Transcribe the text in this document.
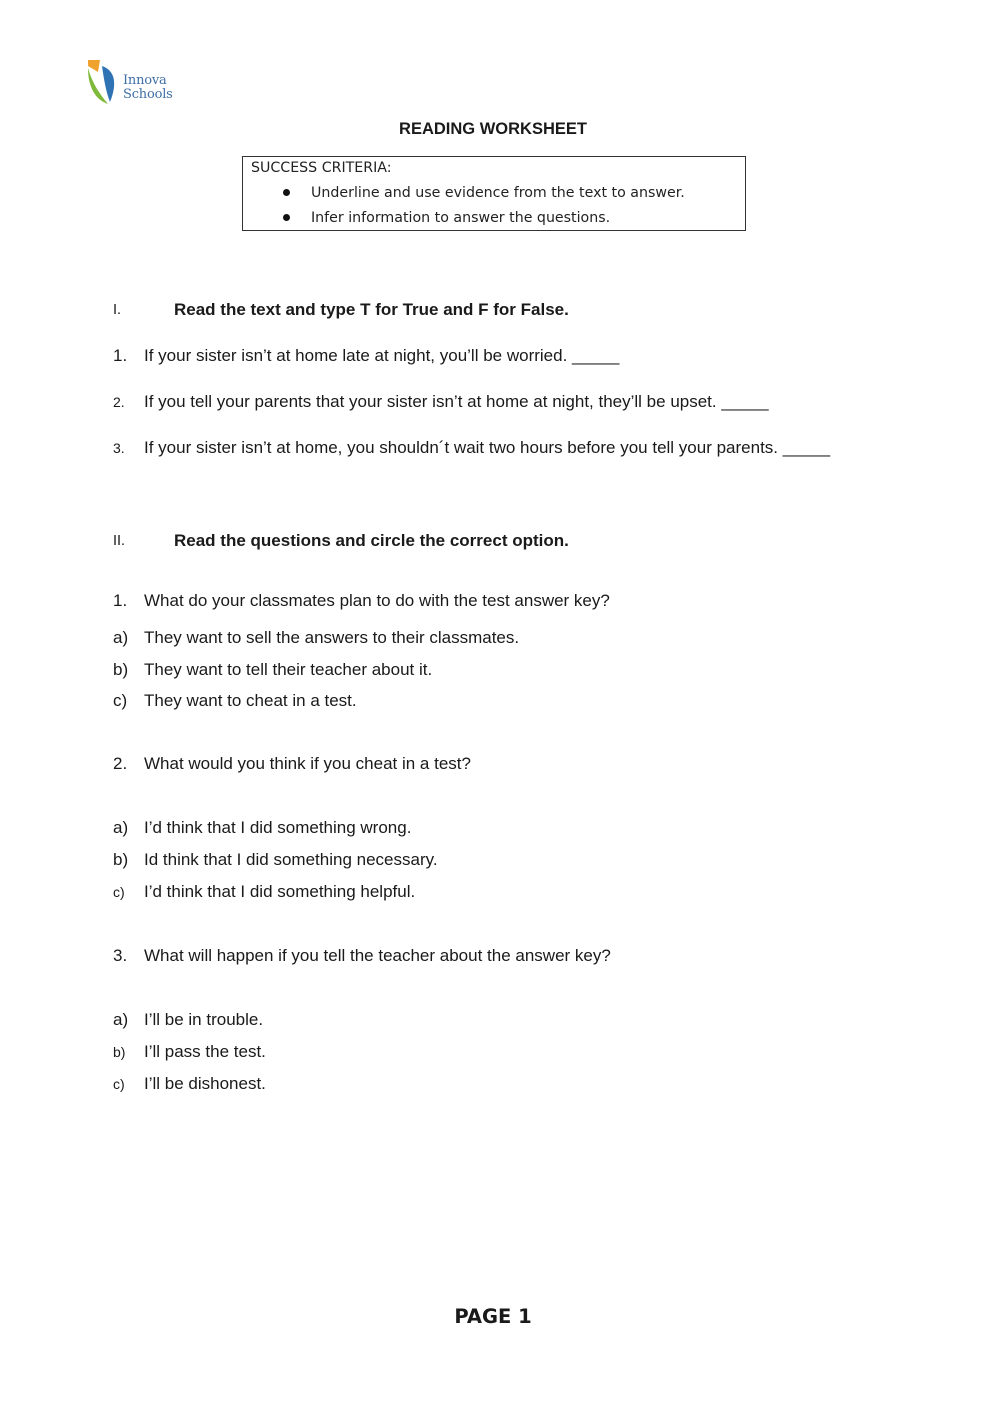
Innova
Schools
READING WORKSHEET
SUCCESS CRITERIA:
Underline and use evidence from the text to answer.
Infer information to answer the questions.
I.	Read the text and type T for True and F for False.
1. If your sister isn’t at home late at night, you’ll be worried. _____
2. If you tell your parents that your sister isn’t at home at night, they’ll be upset. _____
3. If your sister isn’t at home, you shouldn´t wait two hours before you tell your parents. _____
II.	Read the questions and circle the correct option.
1. What do your classmates plan to do with the test answer key?
a) They want to sell the answers to their classmates.
b) They want to tell their teacher about it.
c) They want to cheat in a test.
2. What would you think if you cheat in a test?
a) I’d think that I did something wrong.
b) Id think that I did something necessary.
c) I’d think that I did something helpful.
3. What will happen if you tell the teacher about the answer key?
a) I’ll be in trouble.
b) I’ll pass the test.
c) I’ll be dishonest.
PAGE 1
